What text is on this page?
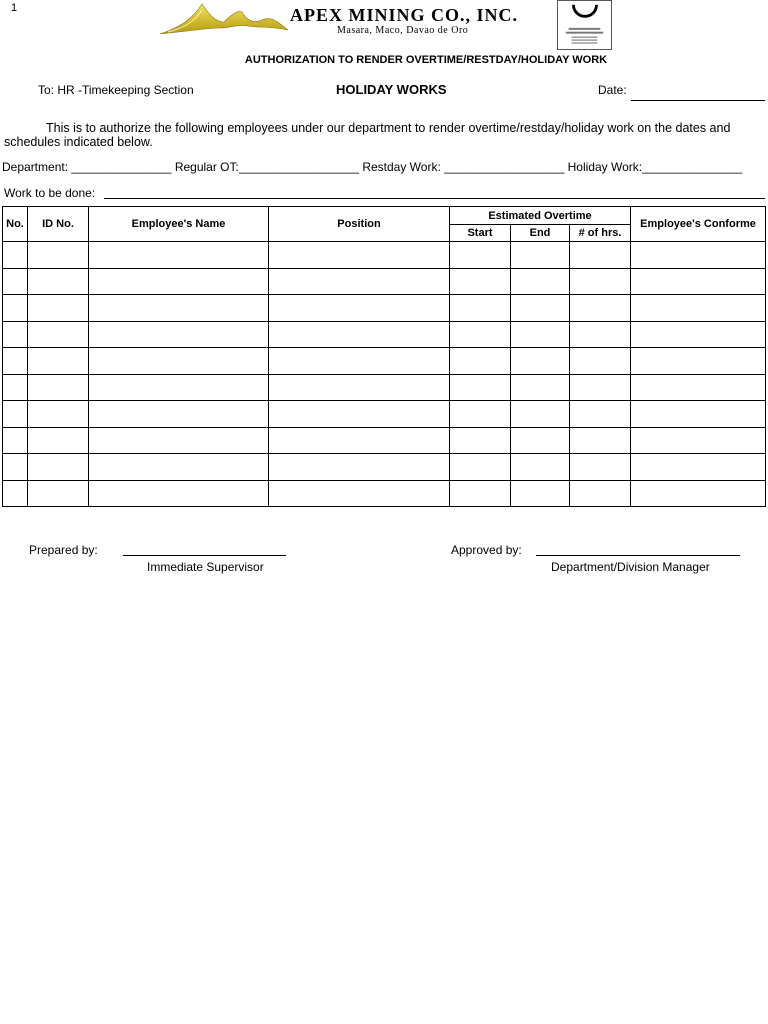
1	APEX MINING CO., INC.
Masara, Maco, Davao de Oro
AUTHORIZATION TO RENDER OVERTIME/RESTDAY/HOLIDAY WORK
To: HR -Timekeeping Section	HOLIDAY WORKS	Date:
This is to authorize the following employees under our department to render overtime/restday/holiday work on the dates and schedules indicated below.
Department: _______________ Regular OT:__________________ Restday Work: __________________ Holiday Work:_______________
Work to be done:
No.	ID No.	Employee's Name	Position	Estimated Overtime			Employee's Conforme
				Start	End	# of hrs.	

Prepared by:
Immediate Supervisor
Approved by:
Department/Division Manager
